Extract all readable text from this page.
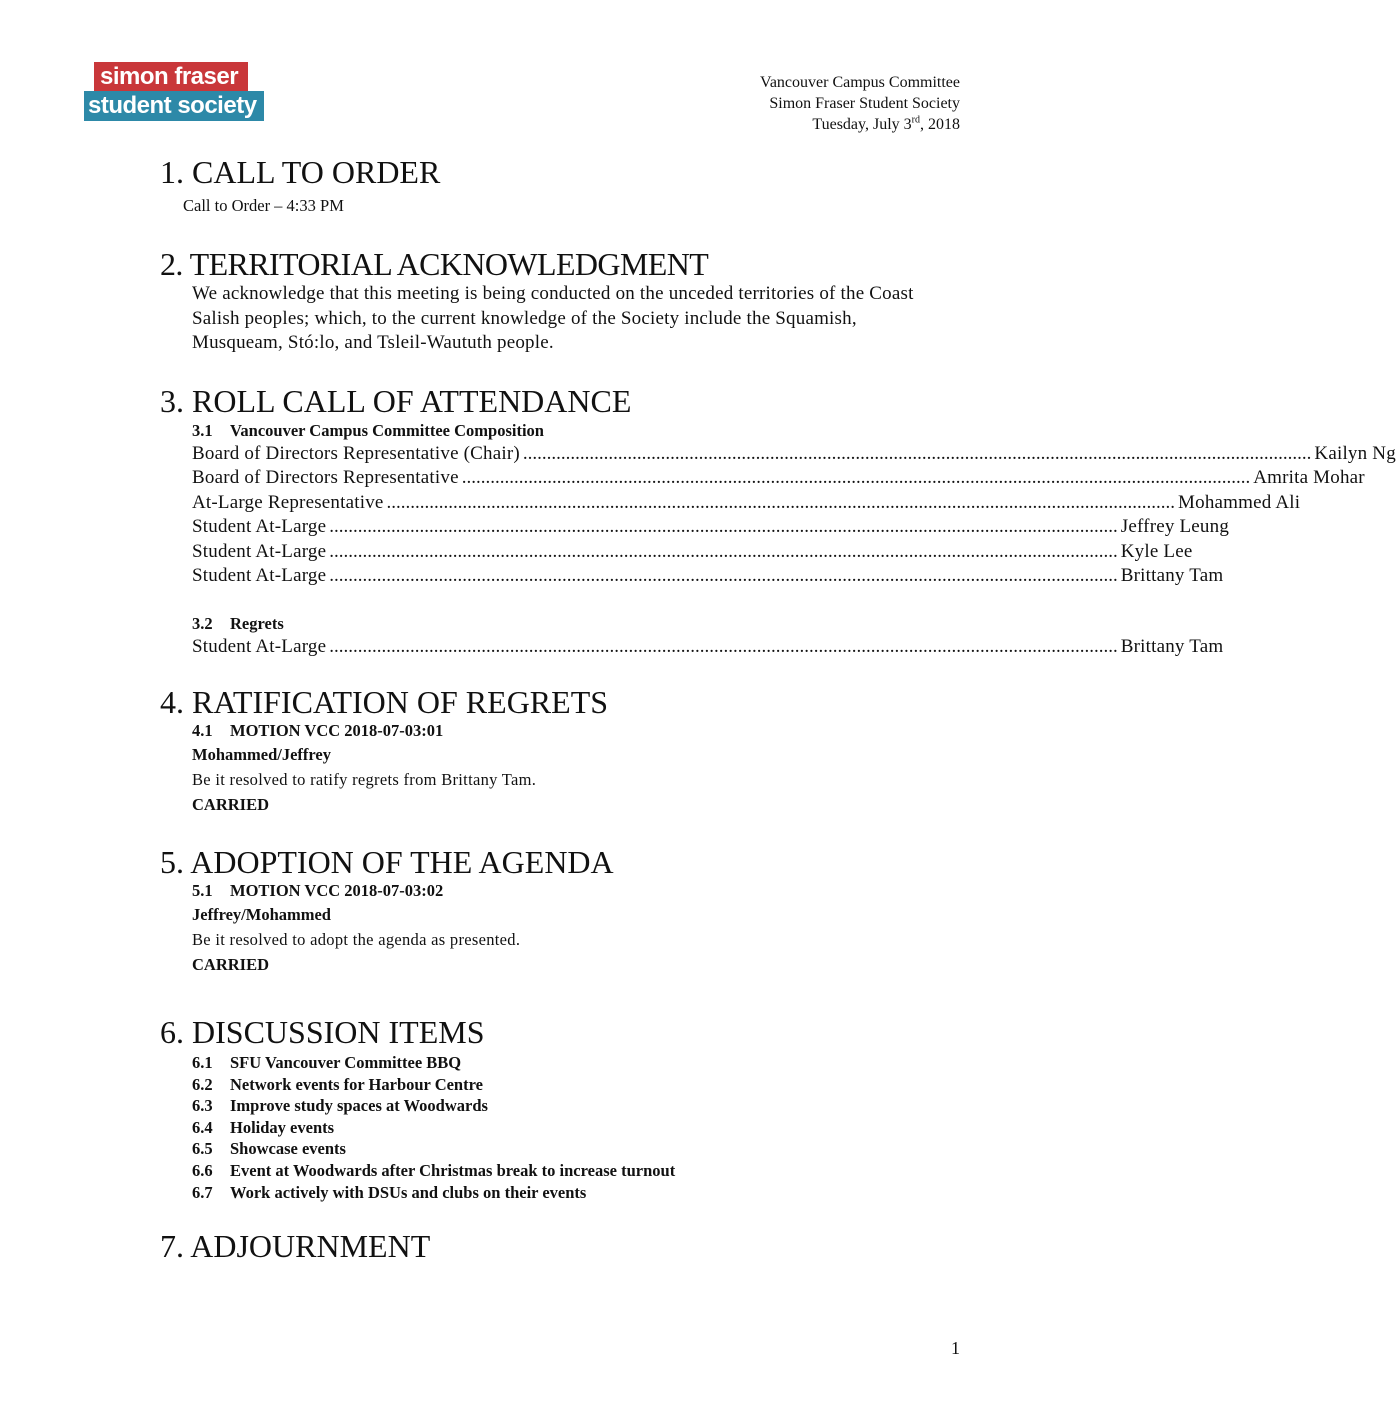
simon fraser
student society
Vancouver Campus Committee
Simon Fraser Student Society
Tuesday, July 3rd, 2018
1. CALL TO ORDER
Call to Order – 4:33 PM
2. TERRITORIAL ACKNOWLEDGMENT
We acknowledge that this meeting is being conducted on the unceded territories of the Coast Salish peoples; which, to the current knowledge of the Society include the Squamish, Musqueam, Stó:lo, and Tsleil-Waututh people.
3. ROLL CALL OF ATTENDANCE
3.1 Vancouver Campus Committee Composition
Board of Directors Representative (Chair) ...................................................................................................................................................................... Kailyn Ng
Board of Directors Representative ...................................................................................................................................................................... Amrita Mohar
At-Large Representative ...................................................................................................................................................................... Mohammed Ali
Student At-Large ...................................................................................................................................................................... Jeffrey Leung
Student At-Large ...................................................................................................................................................................... Kyle Lee
Student At-Large ...................................................................................................................................................................... Brittany Tam
3.2 Regrets
Student At-Large ...................................................................................................................................................................... Brittany Tam
4. RATIFICATION OF REGRETS
4.1 MOTION VCC 2018-07-03:01
Mohammed/Jeffrey
Be it resolved to ratify regrets from Brittany Tam.
CARRIED
5. ADOPTION OF THE AGENDA
5.1 MOTION VCC 2018-07-03:02
Jeffrey/Mohammed
Be it resolved to adopt the agenda as presented.
CARRIED
6. DISCUSSION ITEMS
6.1 SFU Vancouver Committee BBQ
6.2 Network events for Harbour Centre
6.3 Improve study spaces at Woodwards
6.4 Holiday events
6.5 Showcase events
6.6 Event at Woodwards after Christmas break to increase turnout
6.7 Work actively with DSUs and clubs on their events
7. ADJOURNMENT
1
